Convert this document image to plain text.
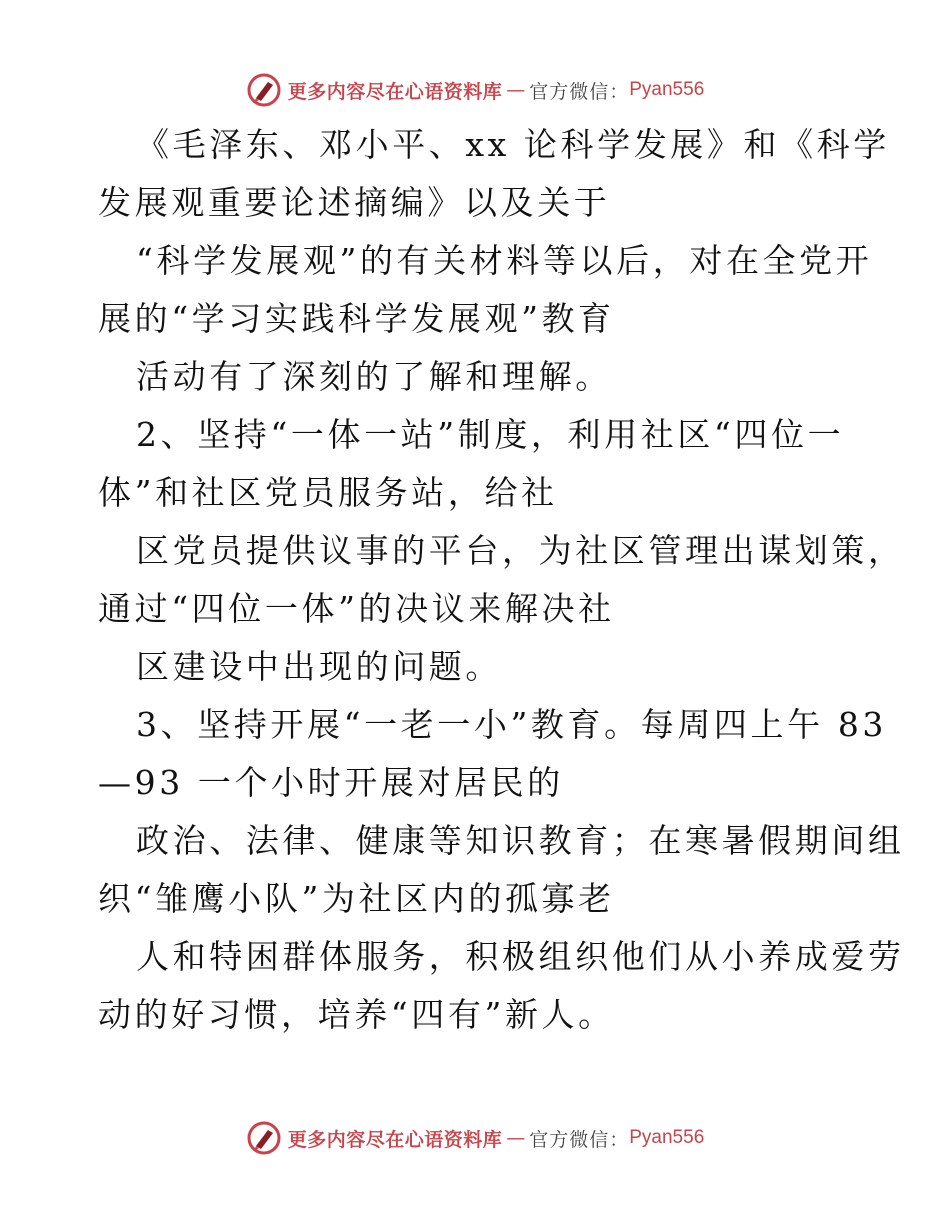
更多内容尽在心语资料库 — 官方微信： Pyan556

《毛泽东、邓小平、xx 论科学发展》和《科学

发展观重要论述摘编》以及关于

“科学发展观”的有关材料等以后，对在全党开

展的“学习实践科学发展观”教育

活动有了深刻的了解和理解。

2、坚持“一体一站”制度，利用社区“四位一

体”和社区党员服务站，给社

区党员提供议事的平台，为社区管理出谋划策，

通过“四位一体”的决议来解决社

区建设中出现的问题。

3、坚持开展“一老一小”教育。每周四上午 83

—93 一个小时开展对居民的

政治、法律、健康等知识教育；在寒暑假期间组

织“雏鹰小队”为社区内的孤寡老

人和特困群体服务，积极组织他们从小养成爱劳

动的好习惯，培养“四有”新人。

更多内容尽在心语资料库 — 官方微信： Pyan556
